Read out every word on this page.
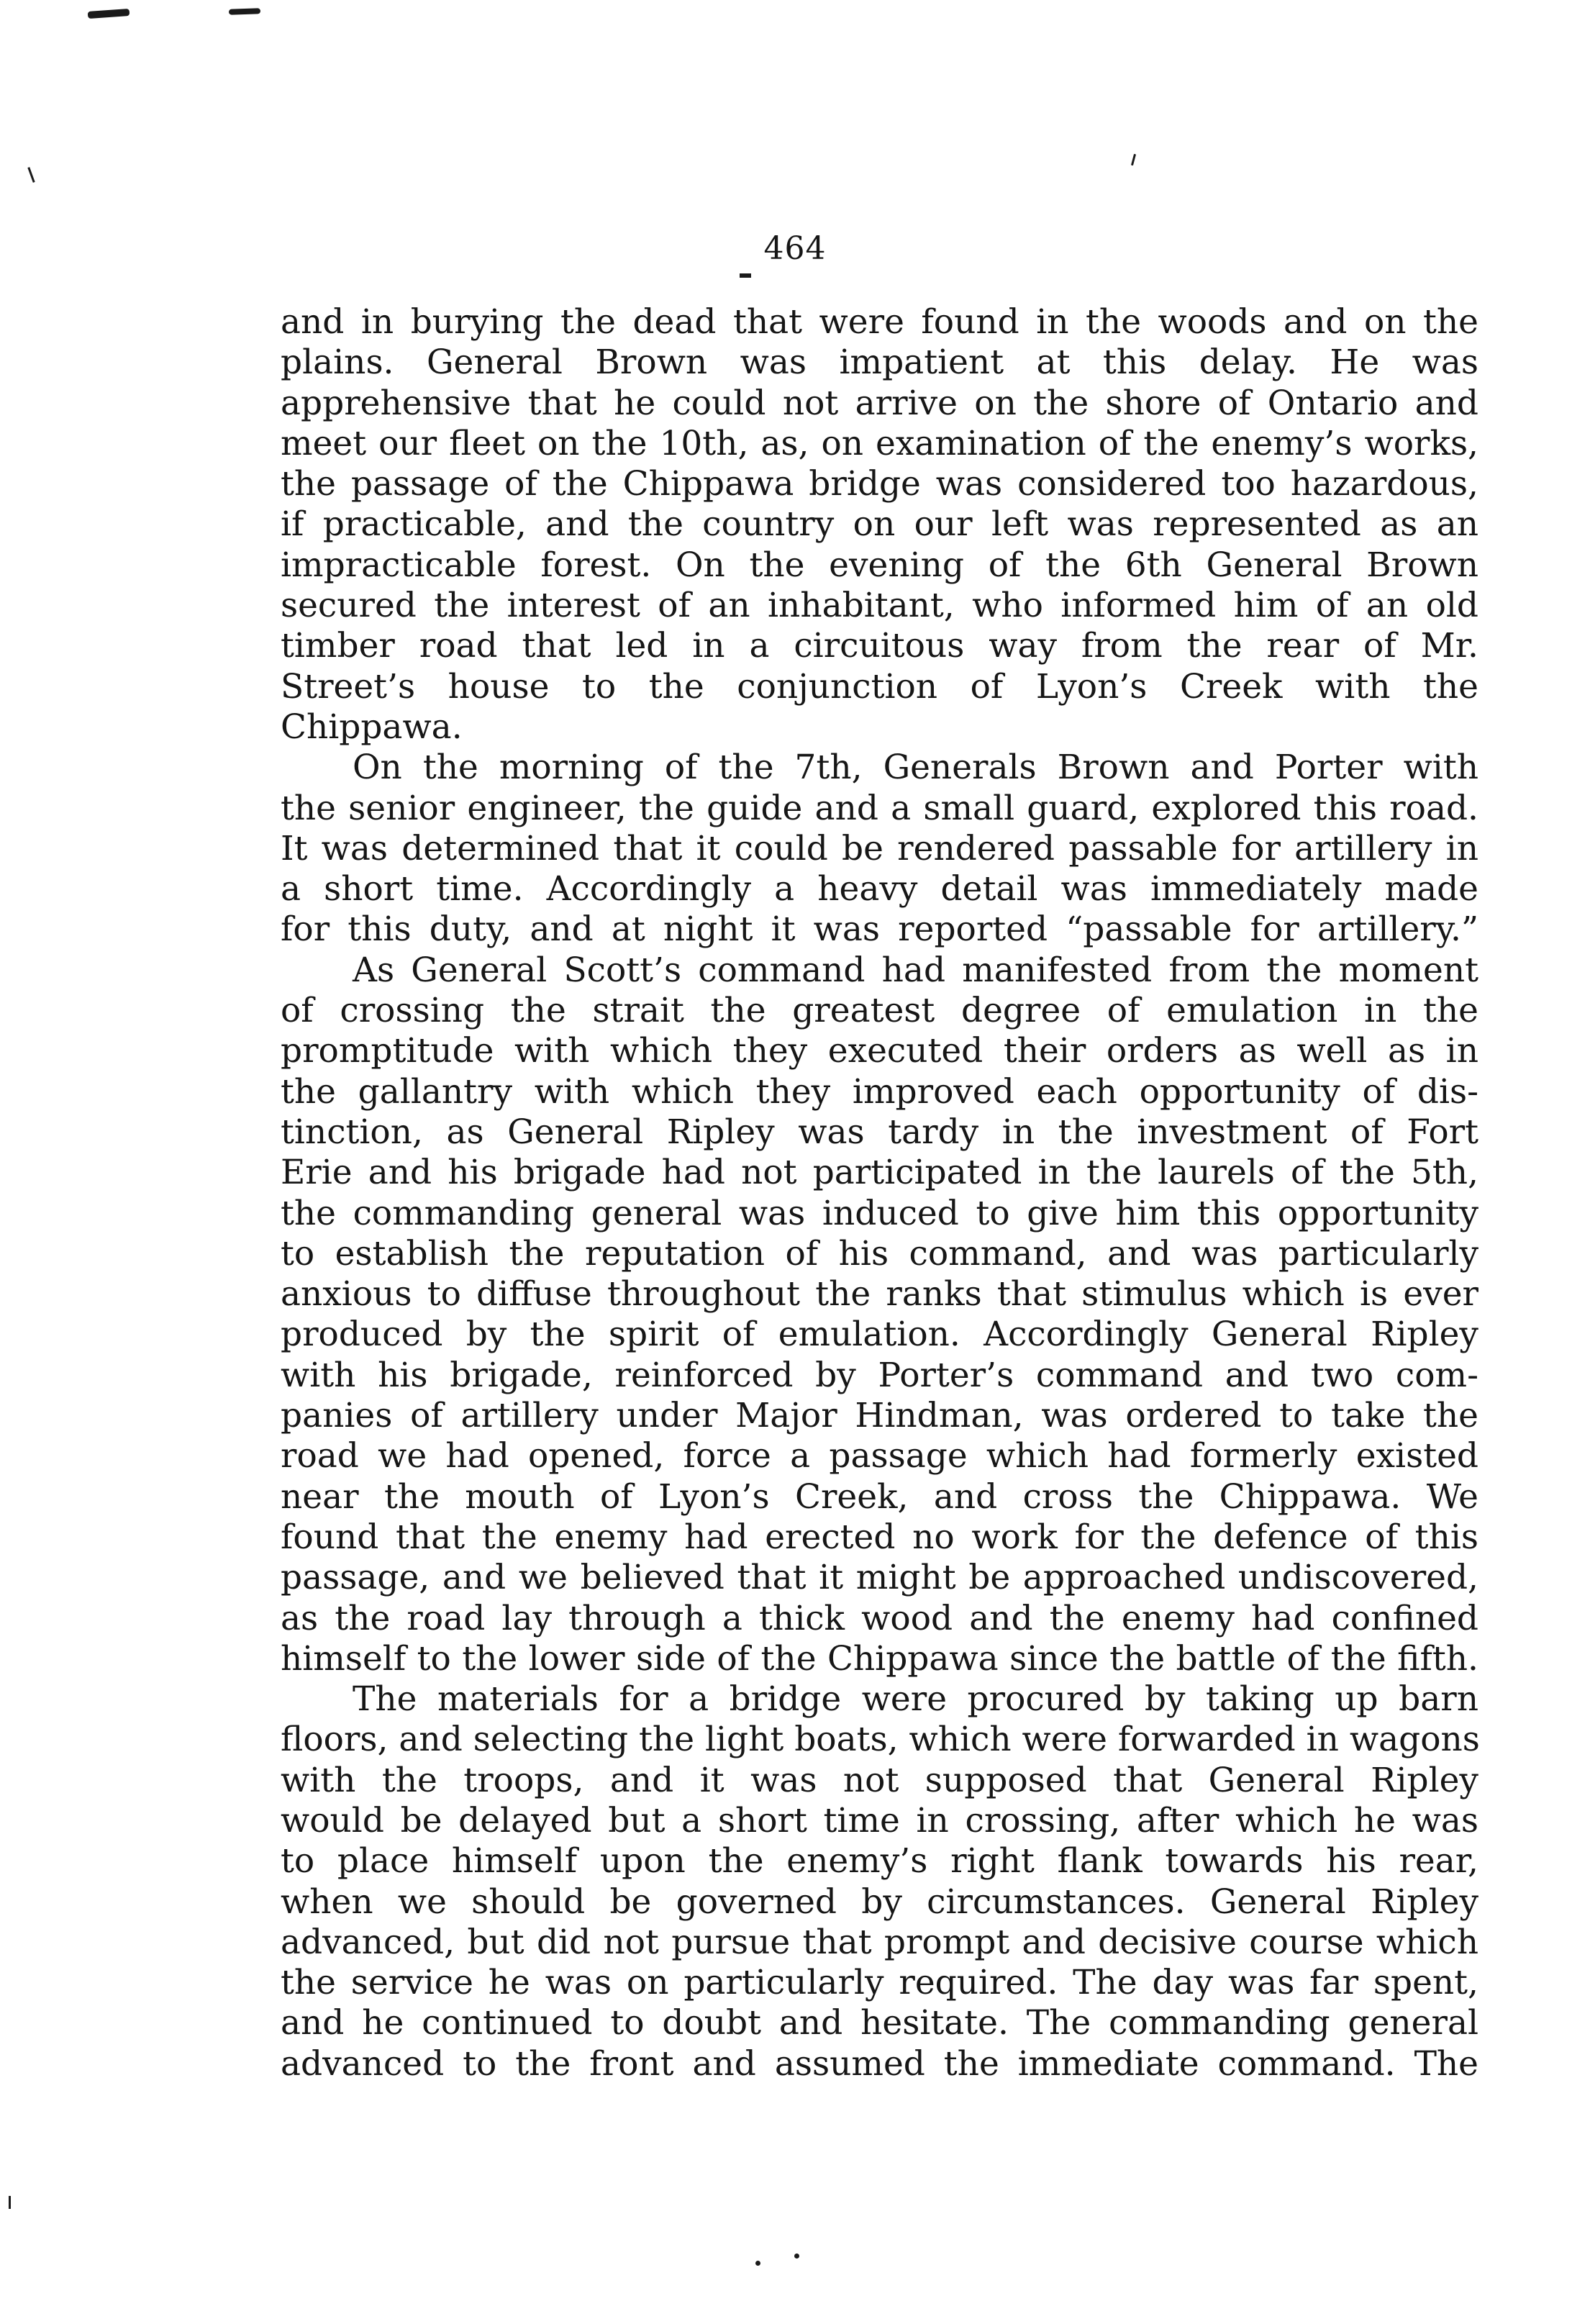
464
and in burying the dead that were found in the woods and on the
plains. General Brown was impatient at this delay. He was
apprehensive that he could not arrive on the shore of Ontario and
meet our fleet on the 10th, as, on examination of the enemy’s works,
the passage of the Chippawa bridge was considered too hazardous,
if practicable, and the country on our left was represented as an
impracticable forest. On the evening of the 6th General Brown
secured the interest of an inhabitant, who informed him of an old
timber road that led in a circuitous way from the rear of Mr.
Street’s house to the conjunction of Lyon’s Creek with the
Chippawa.
On the morning of the 7th, Generals Brown and Porter with
the senior engineer, the guide and a small guard, explored this road.
It was determined that it could be rendered passable for artillery in
a short time. Accordingly a heavy detail was immediately made
for this duty, and at night it was reported “passable for artillery.”
As General Scott’s command had manifested from the moment
of crossing the strait the greatest degree of emulation in the
promptitude with which they executed their orders as well as in
the gallantry with which they improved each opportunity of dis-
tinction, as General Ripley was tardy in the investment of Fort
Erie and his brigade had not participated in the laurels of the 5th,
the commanding general was induced to give him this opportunity
to establish the reputation of his command, and was particularly
anxious to diffuse throughout the ranks that stimulus which is ever
produced by the spirit of emulation. Accordingly General Ripley
with his brigade, reinforced by Porter’s command and two com-
panies of artillery under Major Hindman, was ordered to take the
road we had opened, force a passage which had formerly existed
near the mouth of Lyon’s Creek, and cross the Chippawa. We
found that the enemy had erected no work for the defence of this
passage, and we believed that it might be approached undiscovered,
as the road lay through a thick wood and the enemy had confined
himself to the lower side of the Chippawa since the battle of the fifth.
The materials for a bridge were procured by taking up barn
floors, and selecting the light boats, which were forwarded in wagons
with the troops, and it was not supposed that General Ripley
would be delayed but a short time in crossing, after which he was
to place himself upon the enemy’s right flank towards his rear,
when we should be governed by circumstances. General Ripley
advanced, but did not pursue that prompt and decisive course which
the service he was on particularly required. The day was far spent,
and he continued to doubt and hesitate. The commanding general
advanced to the front and assumed the immediate command. The
